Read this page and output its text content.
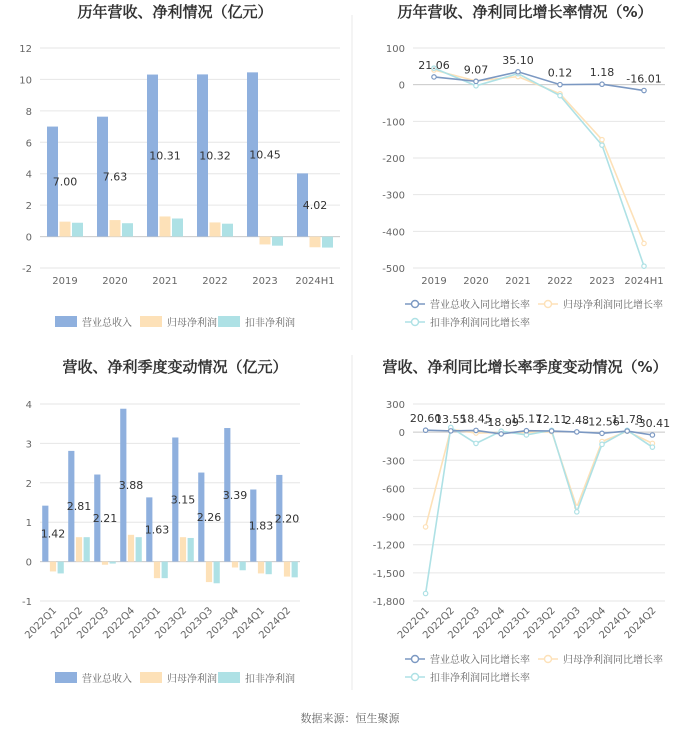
数据来源：恒生聚源
历年营收、净利情况（亿元）
-2
0
2
4
6
8
10
12
2019 2020 2021 2022 2023 2024H1
7.00 7.63
10.31 10.32 10.45
4.02
营业总收入	归母净利润	扣非净利润
历年营收、净利同比增长率情况（%）
-500
-400
-300
-200
-100
0
100
2019 2020 2021 2022 2023 2024H1
21.06 9.07
35.10
0.12 1.18 -16.01
营业总收入同比增长率	归母净利润同比增长率
扣非净利润同比增长率
营收、净利季度变动情况（亿元）
-1
0
1
2
3
4
2022Q1
2022Q2
2022Q3
2022Q4
2023Q1
2023Q2
2023Q3
2023Q4
2024Q1
2024Q2
1.42
2.81
2.21
3.88
1.63
3.15
2.26
3.39
1.83
2.20
营业总收入	归母净利润	扣非净利润
营收、净利同比增长率季度变动情况（%）
-1,800
-1,500
-1,200
-900
-600
-300
0
300
2022Q1
2022Q2
2022Q3
2022Q4
2023Q1
2023Q2
2023Q3
2023Q4
2024Q1
2024Q2
20.60
13.55
18.45
-18.99
15.17
12.11
2.48
-12.56
11.78
-30.41
营业总收入同比增长率	归母净利润同比增长率
扣非净利润同比增长率
